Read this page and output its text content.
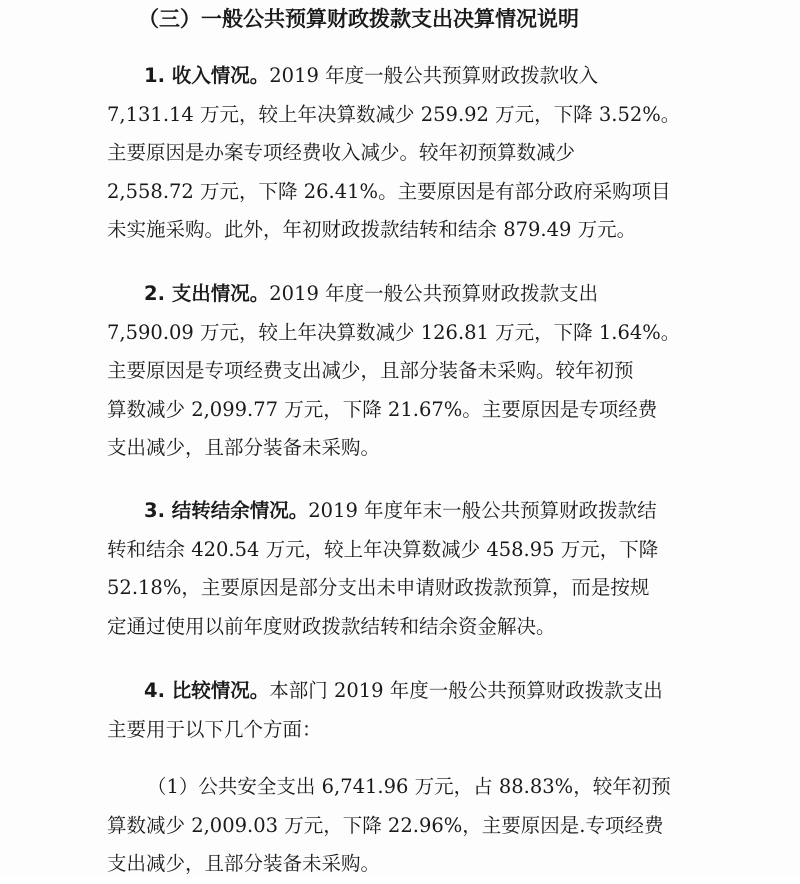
（三）一般公共预算财政拨款支出决算情况说明
1. 收入情况。2019 年度一般公共预算财政拨款收入
7,131.14 万元，较上年决算数减少 259.92 万元，下降 3.52%。
主要原因是办案专项经费收入减少。较年初预算数减少
2,558.72 万元，下降 26.41%。主要原因是有部分政府采购项目
未实施采购。此外，年初财政拨款结转和结余 879.49 万元。
2. 支出情况。2019 年度一般公共预算财政拨款支出
7,590.09 万元，较上年决算数减少 126.81 万元，下降 1.64%。
主要原因是专项经费支出减少，且部分装备未采购。较年初预
算数减少 2,099.77 万元，下降 21.67%。主要原因是专项经费
支出减少，且部分装备未采购。
3. 结转结余情况。2019 年度年末一般公共预算财政拨款结
转和结余 420.54 万元，较上年决算数减少 458.95 万元，下降
52.18%，主要原因是部分支出未申请财政拨款预算，而是按规
定通过使用以前年度财政拨款结转和结余资金解决。
4. 比较情况。本部门 2019 年度一般公共预算财政拨款支出
主要用于以下几个方面：
（1）公共安全支出 6,741.96 万元，占 88.83%，较年初预
算数减少 2,009.03 万元，下降 22.96%，主要原因是.专项经费
支出减少，且部分装备未采购。
